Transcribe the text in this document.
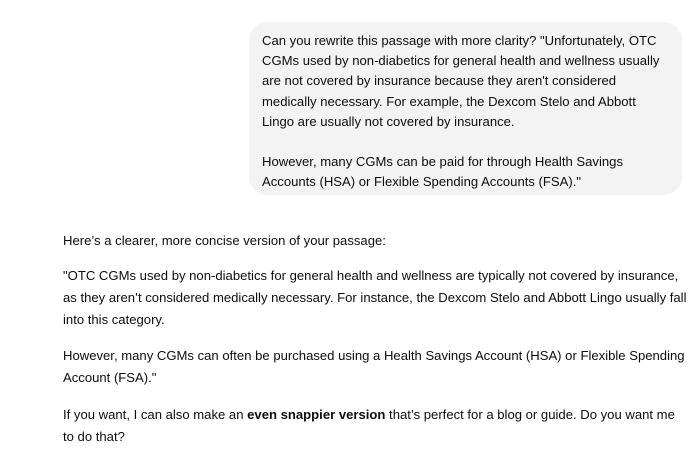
Can you rewrite this passage with more clarity? "Unfortunately, OTC CGMs used by non-diabetics for general health and wellness usually are not covered by insurance because they aren't considered medically necessary. For example, the Dexcom Stelo and Abbott Lingo are usually not covered by insurance.

However, many CGMs can be paid for through Health Savings Accounts (HSA) or Flexible Spending Accounts (FSA)."

Here’s a clearer, more concise version of your passage:

"OTC CGMs used by non-diabetics for general health and wellness are typically not covered by insurance, as they aren’t considered medically necessary. For instance, the Dexcom Stelo and Abbott Lingo usually fall into this category.

However, many CGMs can often be purchased using a Health Savings Account (HSA) or Flexible Spending Account (FSA)."

If you want, I can also make an even snappier version that’s perfect for a blog or guide. Do you want me to do that?
